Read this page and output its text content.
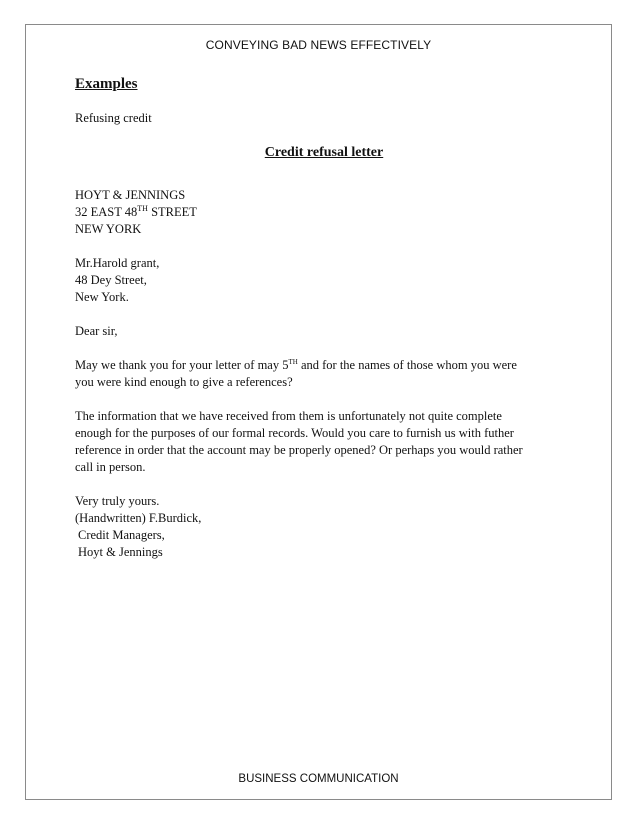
CONVEYING BAD NEWS EFFECTIVELY

Examples

Refusing credit
Credit refusal letter
HOYT & JENNINGS
32 EAST 48TH STREET
NEW YORK
Mr.Harold grant,
48 Dey Street,
New York.
Dear sir,
May we thank you for your letter of may 5TH and for the names of those whom you were
you were kind enough to give a references?
The information that we have received from them is unfortunately not quite complete
enough for the purposes of our formal records. Would you care to furnish us with futher
reference in order that the account may be properly opened? Or perhaps you would rather
call in person.
Very truly yours.
(Handwritten) F.Burdick,
Credit Managers,
Hoyt & Jennings
BUSINESS COMMUNICATION
